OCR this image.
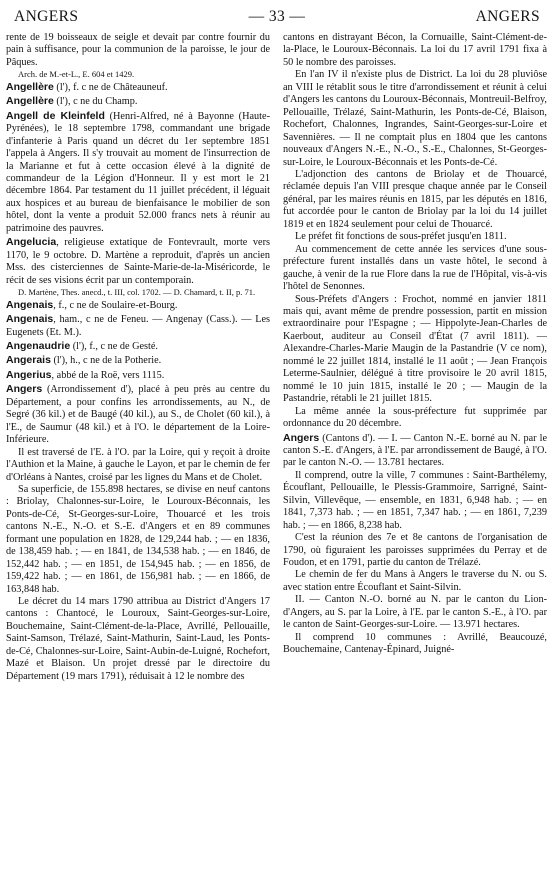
ANGERS	— 33 —	ANGERS

rente de 19 boisseaux de seigle et devait par contre fournir du pain à suffisance, pour la communion de la paroisse, le jour de Pâques.

Arch. de M.-et-L., E. 604 et 1429.

Angellère (l'), f. c ne de Châteauneuf.

Angellère (l'), c ne du Champ.

Angell de Kleinfeld (Henri-Alfred, né à Bayonne (Haute-Pyrénées), le 18 septembre 1798, commandant une brigade d'infanterie à Paris quand un décret du 1er septembre 1851 l'appela à Angers. Il s'y trouvait au moment de l'insurrection de la Marianne et fut à cette occasion élevé à la dignité de commandeur de la Légion d'Honneur. Il y est mort le 21 décembre 1864. Par testament du 11 juillet précédent, il léguait aux hospices et au bureau de bienfaisance le mobilier de son hôtel, dont la vente a produit 52.000 francs nets à réunir au patrimoine des pauvres.

Angelucia, religieuse extatique de Fontevrault, morte vers 1170, le 9 octobre. D. Martène a reproduit, d'après un ancien Mss. des cisterciennes de Sainte-Marie-de-la-Miséricorde, le récit de ses visions écrit par un contemporain.

D. Martène, Thes. anecd., t. III, col. 1702. — D. Chamard, t. II, p. 71.

Angenais, f., c ne de Soulaire-et-Bourg.

Angenais, ham., c ne de Feneu. — Angenay (Cass.). — Les Eugenets (Et. M.).

Angenaudrie (l'), f., c ne de Gesté.

Angerais (l'), h., c ne de la Potherie.

Angerius, abbé de la Roë, vers 1115.

Angers (Arrondissement d'), placé à peu près au centre du Département, a pour confins les arrondissements, au N., de Segré (36 kil.) et de Baugé (40 kil.), au S., de Cholet (60 kil.), à l'E., de Saumur (48 kil.) et à l'O. le département de la Loire-Inférieure.

Il est traversé de l'E. à l'O. par la Loire, qui y reçoit à droite l'Authion et la Maine, à gauche le Layon, et par le chemin de fer d'Orléans à Nantes, croisé par les lignes du Mans et de Cholet.

Sa superficie, de 155.898 hectares, se divise en neuf cantons : Briolay, Chalonnes-sur-Loire, le Louroux-Béconnais, les Ponts-de-Cé, St-Georges-sur-Loire, Thouarcé et les trois cantons N.-E., N.-O. et S.-E. d'Angers et en 89 communes formant une population en 1828, de 129,244 hab. ; — en 1836, de 138,459 hab. ; — en 1841, de 134,538 hab. ; — en 1846, de 152,442 hab. ; — en 1851, de 154,945 hab. ; — en 1856, de 159,422 hab. ; — en 1861, de 156,981 hab. ; — en 1866, de 163,848 hab.

Le décret du 14 mars 1790 attribua au District d'Angers 17 cantons : Chantocé, le Louroux, Saint-Georges-sur-Loire, Bouchemaine, Saint-Clément-de-la-Place, Avrillé, Pellouaille, Saint-Samson, Trélazé, Saint-Mathurin, Saint-Laud, les Ponts-de-Cé, Chalonnes-sur-Loire, Saint-Aubin-de-Luigné, Rochefort, Mazé et Blaison. Un projet dressé par le directoire du Département (19 mars 1791), réduisait à 12 le nombre des

cantons en distrayant Bécon, la Cornuaille, Saint-Clément-de-la-Place, le Louroux-Béconnais. La loi du 17 avril 1791 fixa à 50 le nombre des paroisses.

En l'an IV il n'existe plus de District. La loi du 28 pluviôse an VIII le rétablit sous le titre d'arrondissement et réunit à celui d'Angers les cantons du Louroux-Béconnais, Montreuil-Belfroy, Pellouaille, Trélazé, Saint-Mathurin, les Ponts-de-Cé, Blaison, Rochefort, Chalonnes, Ingrandes, Saint-Georges-sur-Loire et Savennières. — Il ne comptait plus en 1804 que les cantons nouveaux d'Angers N.-E., N.-O., S.-E., Chalonnes, St-Georges-sur-Loire, le Louroux-Béconnais et les Ponts-de-Cé.

L'adjonction des cantons de Briolay et de Thouarcé, réclamée depuis l'an VIII presque chaque année par le Conseil général, par les maires réunis en 1815, par les députés en 1816, fut accordée pour le canton de Briolay par la loi du 14 juillet 1819 et en 1824 seulement pour celui de Thouarcé.

Le préfet fit fonctions de sous-préfet jusqu'en 1811.

Au commencement de cette année les services d'une sous-préfecture furent installés dans un vaste hôtel, le second à gauche, à venir de la rue Flore dans la rue de l'Hôpital, vis-à-vis l'hôtel de Senonnes.

Sous-Préfets d'Angers : Frochot, nommé en janvier 1811 mais qui, avant même de prendre possession, partit en mission extraordinaire pour l'Espagne ; — Hippolyte-Jean-Charles de Kaerbout, auditeur au Conseil d'État (7 avril 1811). — Alexandre-Charles-Marie Maugin de la Pastandrie (V ce nom), nommé le 22 juillet 1814, installé le 11 août ; — Jean François Leterme-Saulnier, délégué à titre provisoire le 20 avril 1815, nommé le 10 juin 1815, installé le 20 ; — Maugin de la Pastandrie, rétabli le 21 juillet 1815.

La même année la sous-préfecture fut supprimée par ordonnance du 20 décembre.

Angers (Cantons d'). — I. — Canton N.-E. borné au N. par le canton S.-E. d'Angers, à l'E. par arrondissement de Baugé, à l'O. par le canton N.-O. — 13.781 hectares.

Il comprend, outre la ville, 7 communes : Saint-Barthélemy, Écouflant, Pellouaille, le Plessis-Grammoire, Sarrigné, Saint-Silvin, Villevêque, — ensemble, en 1831, 6,948 hab. ; — en 1841, 7,373 hab. ; — en 1851, 7,347 hab. ; — en 1861, 7,239 hab. ; — en 1866, 8,238 hab.

C'est la réunion des 7e et 8e cantons de l'organisation de 1790, où figuraient les paroisses supprimées du Perray et de Foudon, et en 1791, partie du canton de Trélazé.

Le chemin de fer du Mans à Angers le traverse du N. ou S. avec station entre Écouflant et Saint-Silvin.

II. — Canton N.-O. borné au N. par le canton du Lion-d'Angers, au S. par la Loire, à l'E. par le canton S.-E., à l'O. par le canton de Saint-Georges-sur-Loire. — 13.971 hectares.

Il comprend 10 communes : Avrillé, Beaucouzé, Bouchemaine, Cantenay-Épinard, Juigné-
